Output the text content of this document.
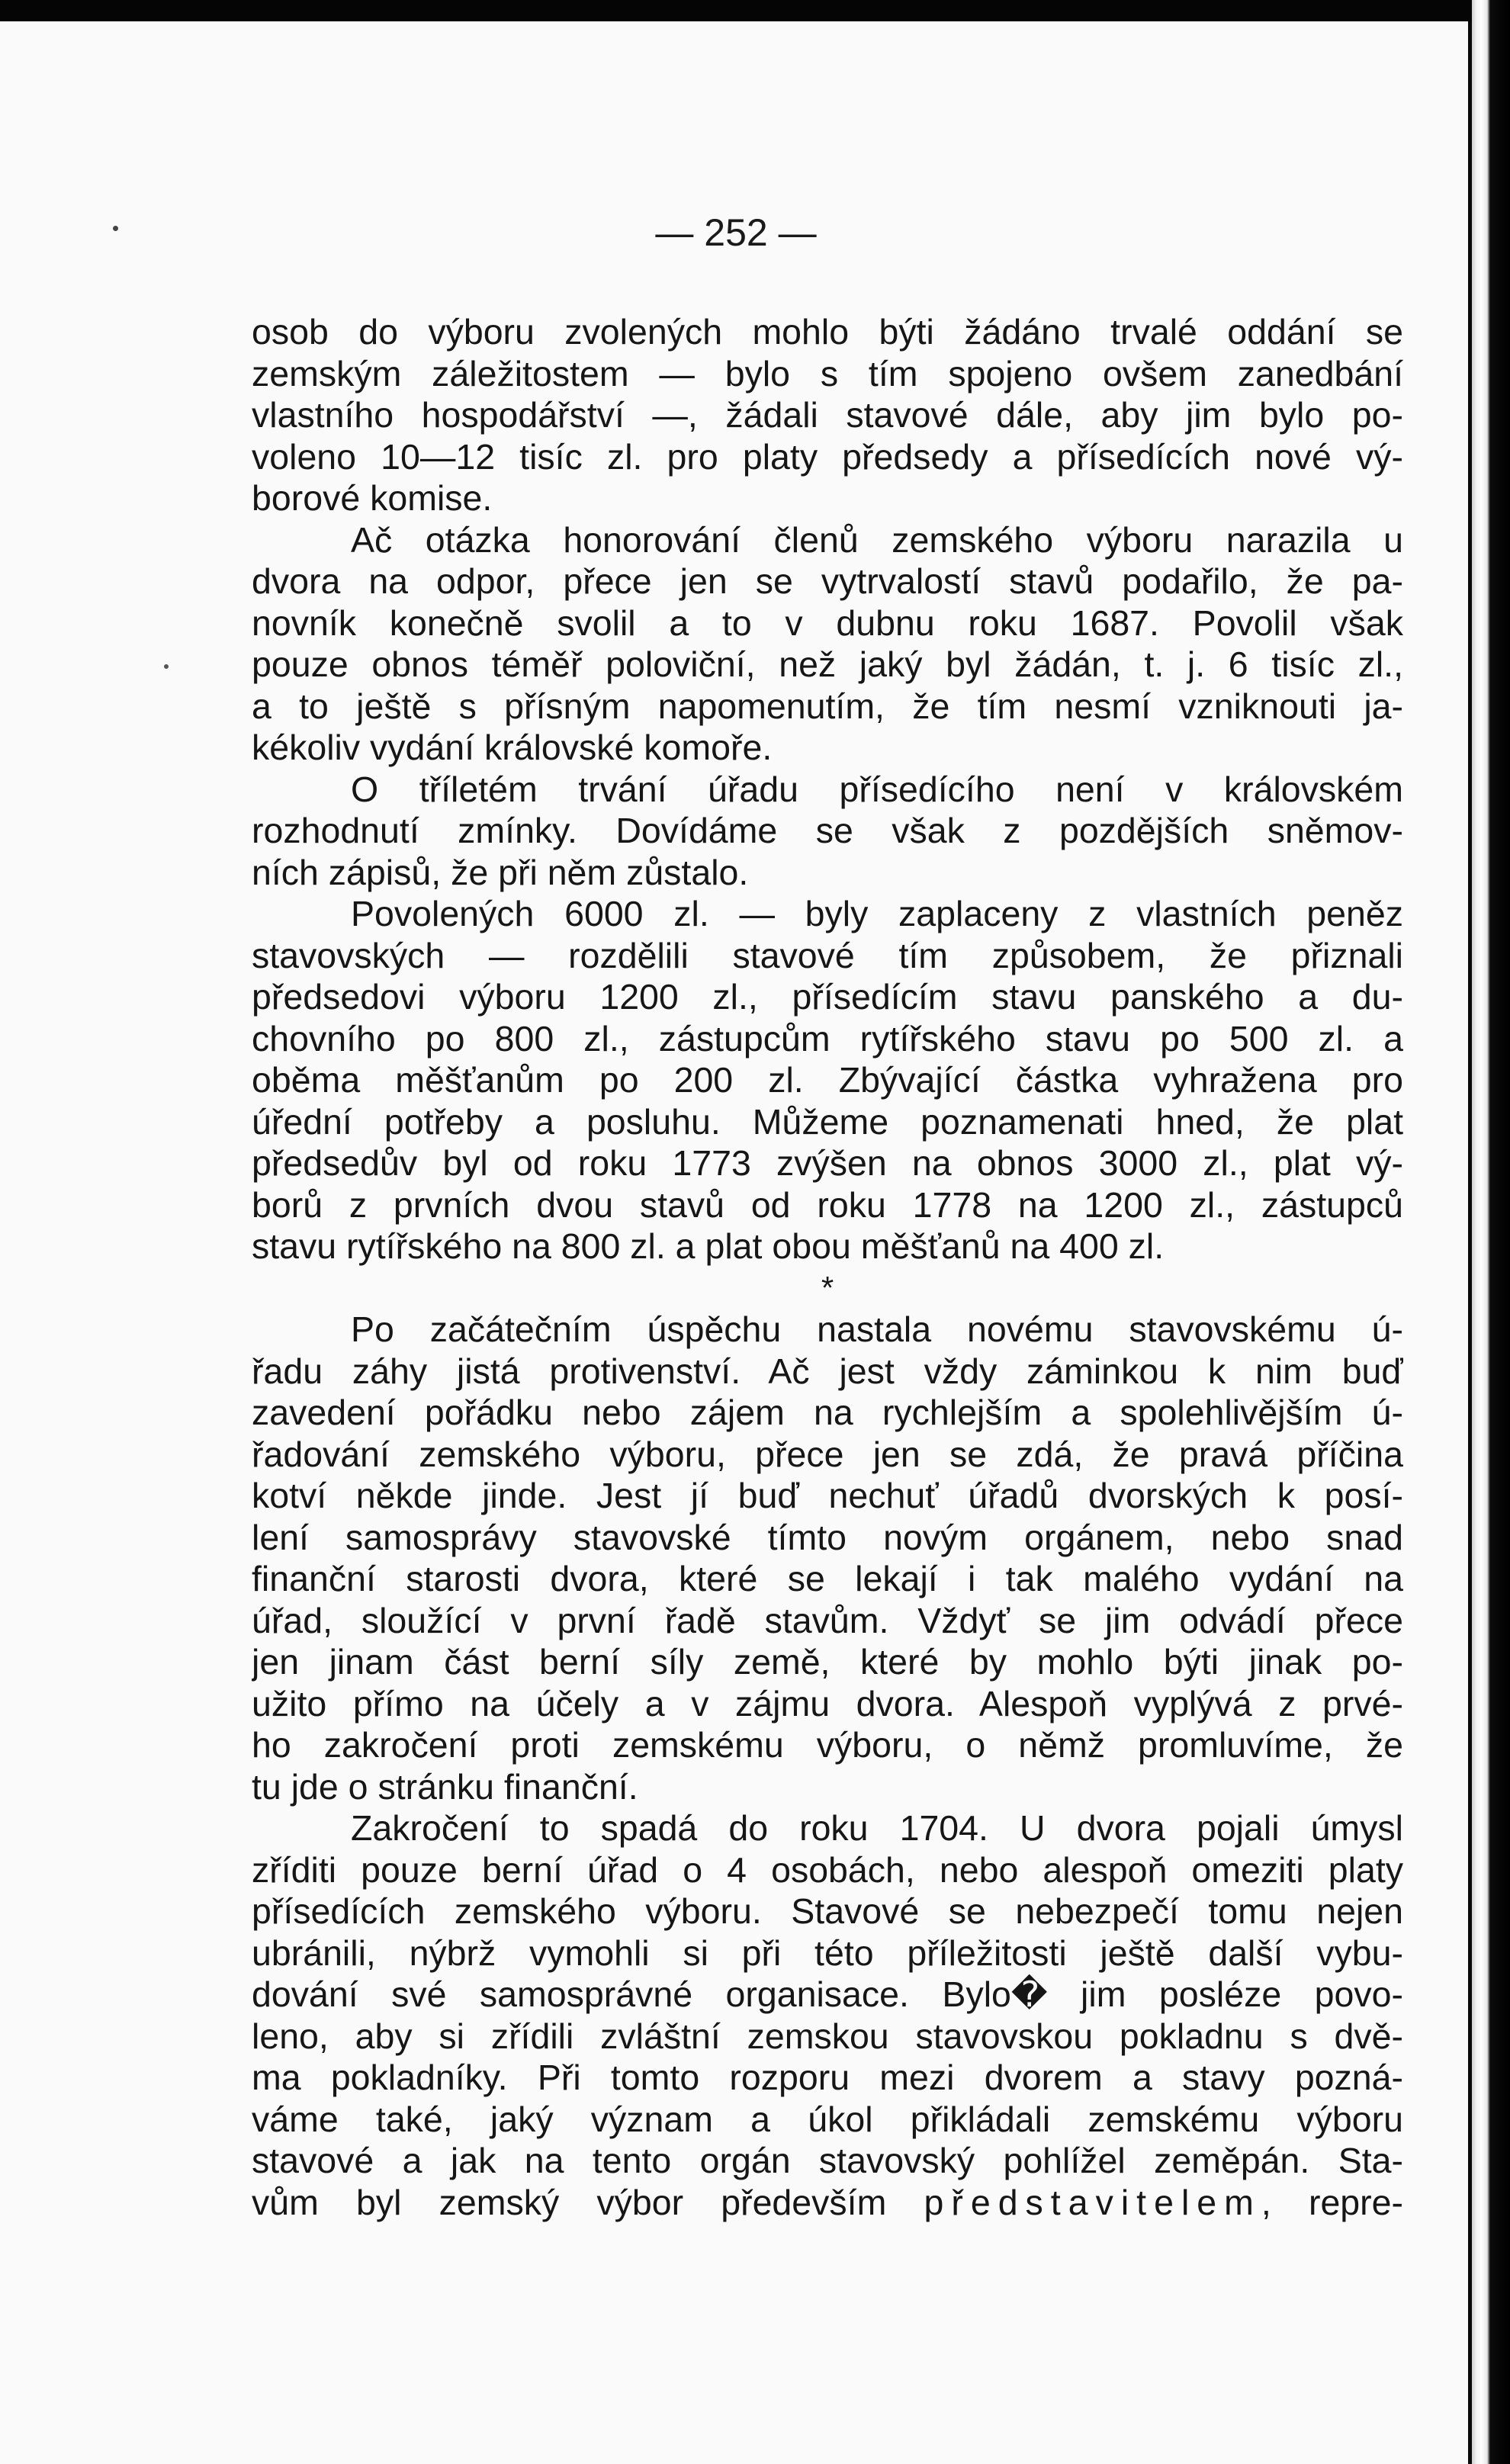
— 252 —
osob do výboru zvolených mohlo býti žádáno trvalé oddání se
zemským záležitostem — bylo s tím spojeno ovšem zanedbání
vlastního hospodářství —, žádali stavové dále, aby jim bylo po-
voleno 10—12 tisíc zl. pro platy předsedy a přísedících nové vý-
borové komise.
Ač otázka honorování členů zemského výboru narazila u
dvora na odpor, přece jen se vytrvalostí stavů podařilo, že pa-
novník konečně svolil a to v dubnu roku 1687. Povolil však
pouze obnos téměř poloviční, než jaký byl žádán, t. j. 6 tisíc zl.,
a to ještě s přísným napomenutím, že tím nesmí vzniknouti ja-
kékoliv vydání královské komoře.
O tříletém trvání úřadu přísedícího není v královském
rozhodnutí zmínky. Dovídáme se však z pozdějších sněmov-
ních zápisů, že při něm zůstalo.
Povolených 6000 zl. — byly zaplaceny z vlastních peněz
stavovských — rozdělili stavové tím způsobem, že přiznali
předsedovi výboru 1200 zl., přísedícím stavu panského a du-
chovního po 800 zl., zástupcům rytířského stavu po 500 zl. a
oběma měšťanům po 200 zl. Zbývající částka vyhražena pro
úřední potřeby a posluhu. Můžeme poznamenati hned, že plat
předsedův byl od roku 1773 zvýšen na obnos 3000 zl., plat vý-
borů z prvních dvou stavů od roku 1778 na 1200 zl., zástupců
stavu rytířského na 800 zl. a plat obou měšťanů na 400 zl.
*
Po začátečním úspěchu nastala novému stavovskému ú-
řadu záhy jistá protivenství. Ač jest vždy záminkou k nim buď
zavedení pořádku nebo zájem na rychlejším a spolehlivějším ú-
řadování zemského výboru, přece jen se zdá, že pravá příčina
kotví někde jinde. Jest jí buď nechuť úřadů dvorských k posí-
lení samosprávy stavovské tímto novým orgánem, nebo snad
finanční starosti dvora, které se lekají i tak malého vydání na
úřad, sloužící v první řadě stavům. Vždyť se jim odvádí přece
jen jinam část berní síly země, které by mohlo býti jinak po-
užito přímo na účely a v zájmu dvora. Alespoň vyplývá z prvé-
ho zakročení proti zemskému výboru, o němž promluvíme, že
tu jde o stránku finanční.
Zakročení to spadá do roku 1704. U dvora pojali úmysl
zříditi pouze berní úřad o 4 osobách, nebo alespoň omeziti platy
přísedících zemského výboru. Stavové se nebezpečí tomu nejen
ubránili, nýbrž vymohli si při této příležitosti ještě další vybu-
dování své samosprávné organisace. Bylo� jim posléze povo-
leno, aby si zřídili zvláštní zemskou stavovskou pokladnu s dvě-
ma pokladníky. Při tomto rozporu mezi dvorem a stavy pozná-
váme také, jaký význam a úkol přikládali zemskému výboru
stavové a jak na tento orgán stavovský pohlížel zeměpán. Sta-
vům byl zemský výbor především představitelem, repre-
